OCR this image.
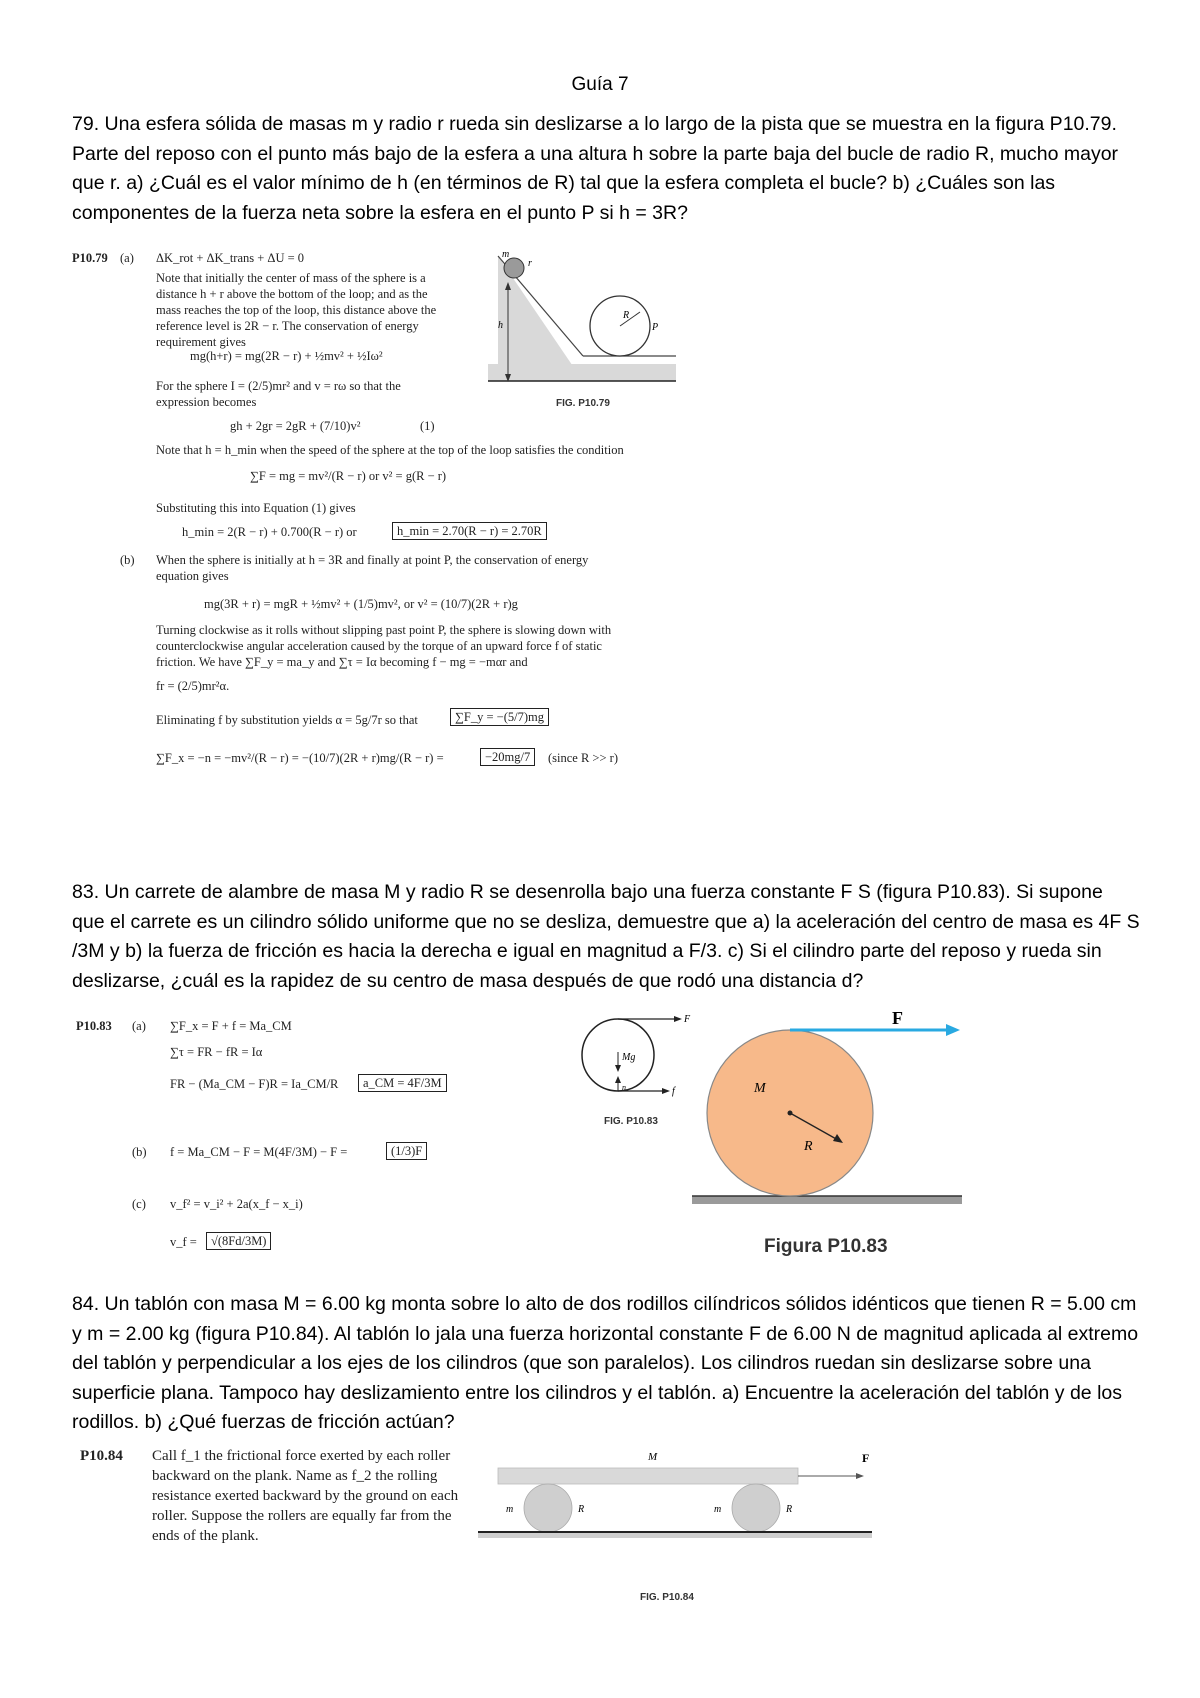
Guía 7

79. Una esfera sólida de masas m y radio r rueda sin deslizarse a lo largo de la pista que se muestra en la figura P10.79. Parte del reposo con el punto más bajo de la esfera a una altura h sobre la parte baja del bucle de radio R, mucho mayor que r. a) ¿Cuál es el valor mínimo de h (en términos de R) tal que la esfera completa el bucle? b) ¿Cuáles son las componentes de la fuerza neta sobre la esfera en el punto P si h = 3R?

P10.79 (a) ΔK_rot + ΔK_trans + ΔU = 0
Note that initially the center of mass of the sphere is a distance h + r above the bottom of the loop; and as the mass reaches the top of the loop, this distance above the reference level is 2R − r. The conservation of energy requirement gives
mg(h+r) = mg(2R − r) + ½mv² + ½Iω²
For the sphere I = (2/5)mr² and v = rω so that the expression becomes
gh + 2gr = 2gR + (7/10)v²	(1)
Note that h = h_min when the speed of the sphere at the top of the loop satisfies the condition
∑F = mg = mv²/(R − r) or v² = g(R − r)
Substituting this into Equation (1) gives
h_min = 2(R − r) + 0.700(R − r) or	h_min = 2.70(R − r) = 2.70R
(b) When the sphere is initially at h = 3R and finally at point P, the conservation of energy equation gives
mg(3R + r) = mgR + ½mv² + (1/5)mv², or v² = (10/7)(2R + r)g
Turning clockwise as it rolls without slipping past point P, the sphere is slowing down with counterclockwise angular acceleration caused by the torque of an upward force f of static friction. We have ∑F_y = ma_y and ∑τ = Iα becoming f − mg = −mαr and
fr = (2/5)mr²α.
Eliminating f by substitution yields α = 5g/7r so that	∑F_y = −(5/7)mg
∑F_x = −n = −mv²/(R − r) = −(10/7)(2R + r)mg/(R − r) =	−20mg/7	(since R >> r)
m
r
h
R
P
FIG. P10.79

83. Un carrete de alambre de masa M y radio R se desenrolla bajo una fuerza constante F S (figura P10.83). Si supone que el carrete es un cilindro sólido uniforme que no se desliza, demuestre que a) la aceleración del centro de masa es 4F S /3M y b) la fuerza de fricción es hacia la derecha e igual en magnitud a F/3. c) Si el cilindro parte del reposo y rueda sin deslizarse, ¿cuál es la rapidez de su centro de masa después de que rodó una distancia d?

P10.83 (a) ∑F_x = F + f = Ma_CM
∑τ = FR − fR = Iα
FR − (Ma_CM − F)R = Ia_CM/R	a_CM = 4F/3M
(b) f = Ma_CM − F = M(4F/3M) − F =	(1/3)F
(c) v_f² = v_i² + 2a(x_f − x_i)
v_f =	√(8Fd/3M)
F
Mg
n	f
FIG. P10.83
F
M
R
Figura P10.83

84. Un tablón con masa M = 6.00 kg monta sobre lo alto de dos rodillos cilíndricos sólidos idénticos que tienen R = 5.00 cm y m = 2.00 kg (figura P10.84). Al tablón lo jala una fuerza horizontal constante F de 6.00 N de magnitud aplicada al extremo del tablón y perpendicular a los ejes de los cilindros (que son paralelos). Los cilindros ruedan sin deslizarse sobre una superficie plana. Tampoco hay deslizamiento entre los cilindros y el tablón. a) Encuentre la aceleración del tablón y de los rodillos. b) ¿Qué fuerzas de fricción actúan?

P10.84 Call f_1 the frictional force exerted by each roller backward on the plank. Name as f_2 the rolling resistance exerted backward by the ground on each roller. Suppose the rollers are equally far from the ends of the plank.
M	F
m	R	m	R
FIG. P10.84
